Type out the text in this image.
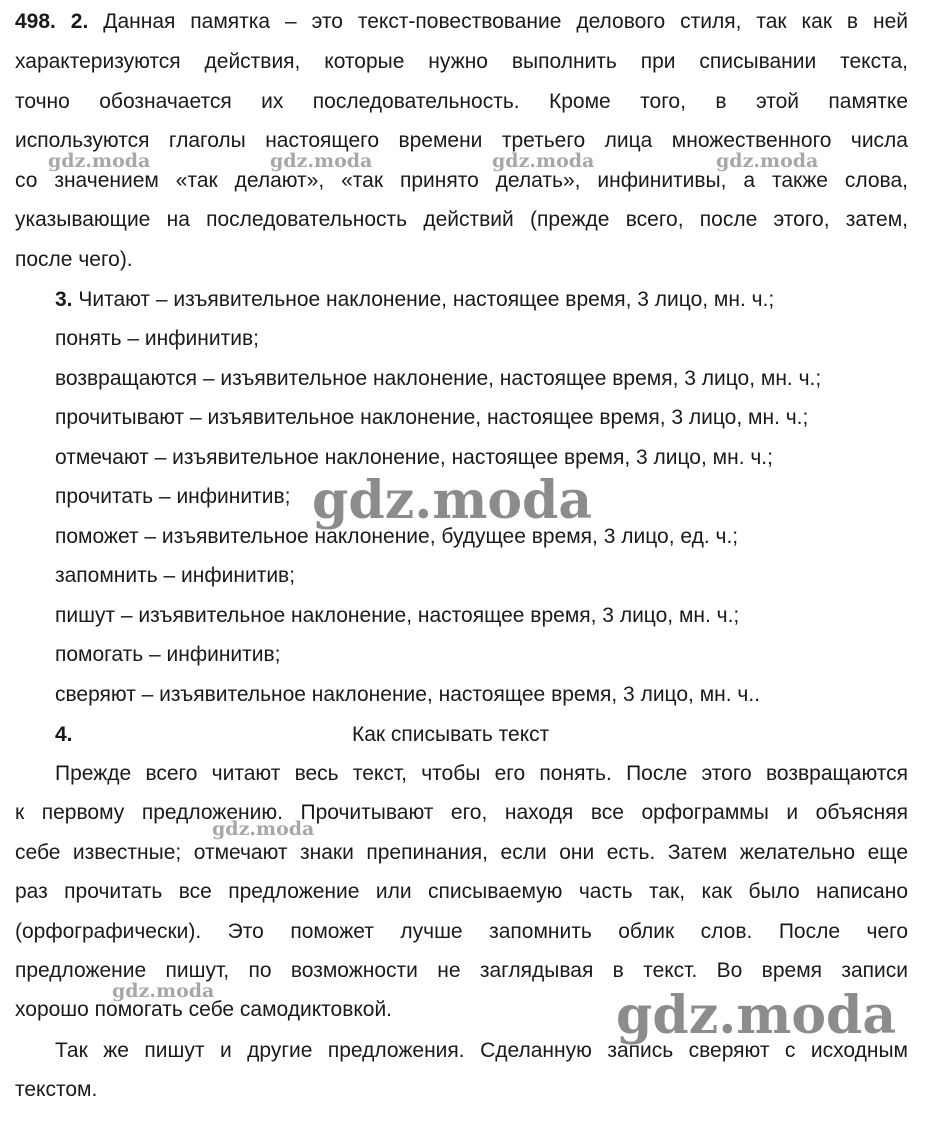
498. 2. Данная памятка – это текст-повествование делового стиля, так как в ней
характеризуются действия, которые нужно выполнить при списывании текста,
точно обозначается их последовательность. Кроме того, в этой памятке
используются глаголы настоящего времени третьего лица множественного числа
со значением «так делают», «так принято делать», инфинитивы, а также слова,
указывающие на последовательность действий (прежде всего, после этого, затем,
после чего).
3. Читают – изъявительное наклонение, настоящее время, 3 лицо, мн. ч.;
понять – инфинитив;
возвращаются – изъявительное наклонение, настоящее время, 3 лицо, мн. ч.;
прочитывают – изъявительное наклонение, настоящее время, 3 лицо, мн. ч.;
отмечают – изъявительное наклонение, настоящее время, 3 лицо, мн. ч.;
прочитать – инфинитив;
поможет – изъявительное наклонение, будущее время, 3 лицо, ед. ч.;
запомнить – инфинитив;
пишут – изъявительное наклонение, настоящее время, 3 лицо, мн. ч.;
помогать – инфинитив;
сверяют – изъявительное наклонение, настоящее время, 3 лицо, мн. ч..
4.	Как списывать текст
Прежде всего читают весь текст, чтобы его понять. После этого возвращаются
к первому предложению. Прочитывают его, находя все орфограммы и объясняя
себе известные; отмечают знаки препинания, если они есть. Затем желательно еще
раз прочитать все предложение или списываемую часть так, как было написано
(орфографически). Это поможет лучше запомнить облик слов. После чего
предложение пишут, по возможности не заглядывая в текст. Во время записи
хорошо помогать себе самодиктовкой.
Так же пишут и другие предложения. Сделанную запись сверяют с исходным
текстом.
gdz.moda	gdz.moda	gdz.moda	gdz.moda
gdz.moda
gdz.moda
gdz.moda	gdz.moda
